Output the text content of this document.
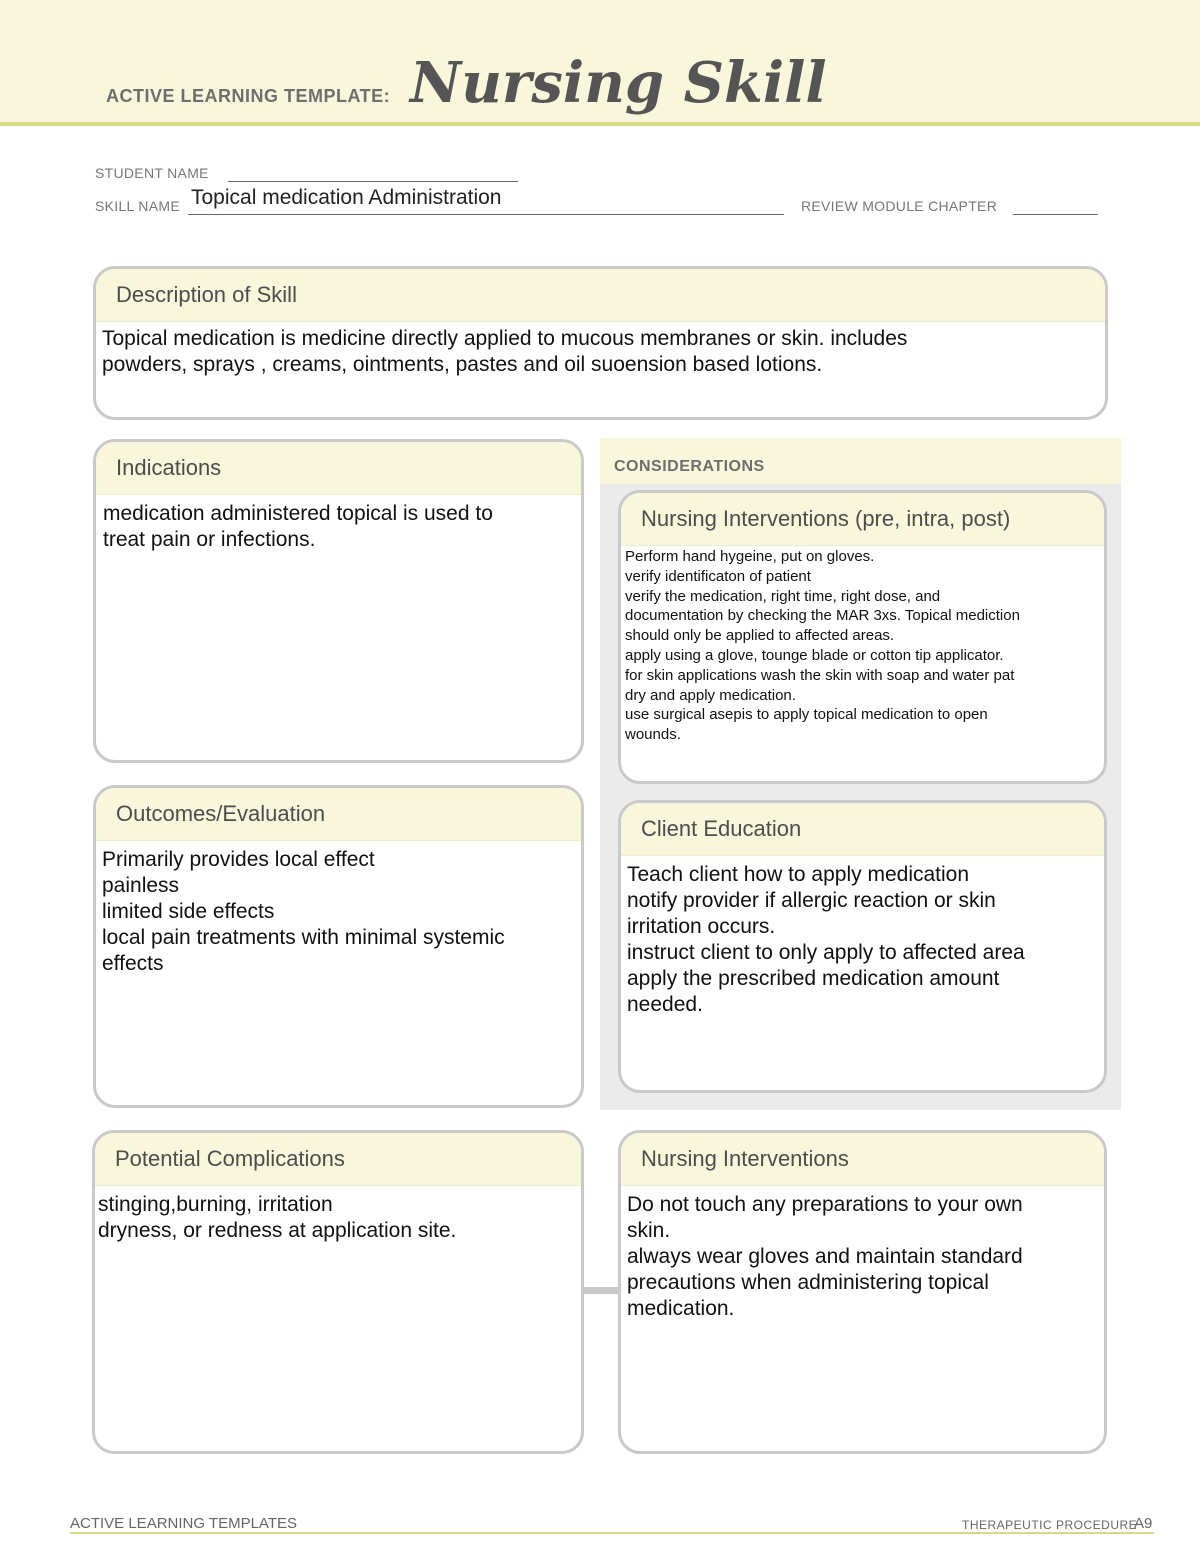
ACTIVE LEARNING TEMPLATE: Nursing Skill
STUDENT NAME
SKILL NAME Topical medication Administration	REVIEW MODULE CHAPTER
Description of Skill
Topical medication is medicine directly applied to mucous membranes or skin. includes
powders, sprays , creams, ointments, pastes and oil suoension based lotions.
CONSIDERATIONS
Indications
medication administered topical is used to
treat pain or infections.
Nursing Interventions (pre, intra, post)
Perform hand hygeine, put on gloves.
verify identificaton of patient
verify the medication, right time, right dose, and
documentation by checking the MAR 3xs. Topical mediction
should only be applied to affected areas.
apply using a glove, tounge blade or cotton tip applicator.
for skin applications wash the skin with soap and water pat
dry and apply medication.
use surgical asepis to apply topical medication to open
wounds.
Outcomes/Evaluation
Primarily provides local effect
painless
limited side effects
local pain treatments with minimal systemic
effects
Client Education
Teach client how to apply medication
notify provider if allergic reaction or skin
irritation occurs.
instruct client to only apply to affected area
apply the prescribed medication amount
needed.
Potential Complications
stinging,burning, irritation
dryness, or redness at application site.
Nursing Interventions
Do not touch any preparations to your own
skin.
always wear gloves and maintain standard
precautions when administering topical
medication.
ACTIVE LEARNING TEMPLATES	THERAPEUTIC PROCEDURE
A9
